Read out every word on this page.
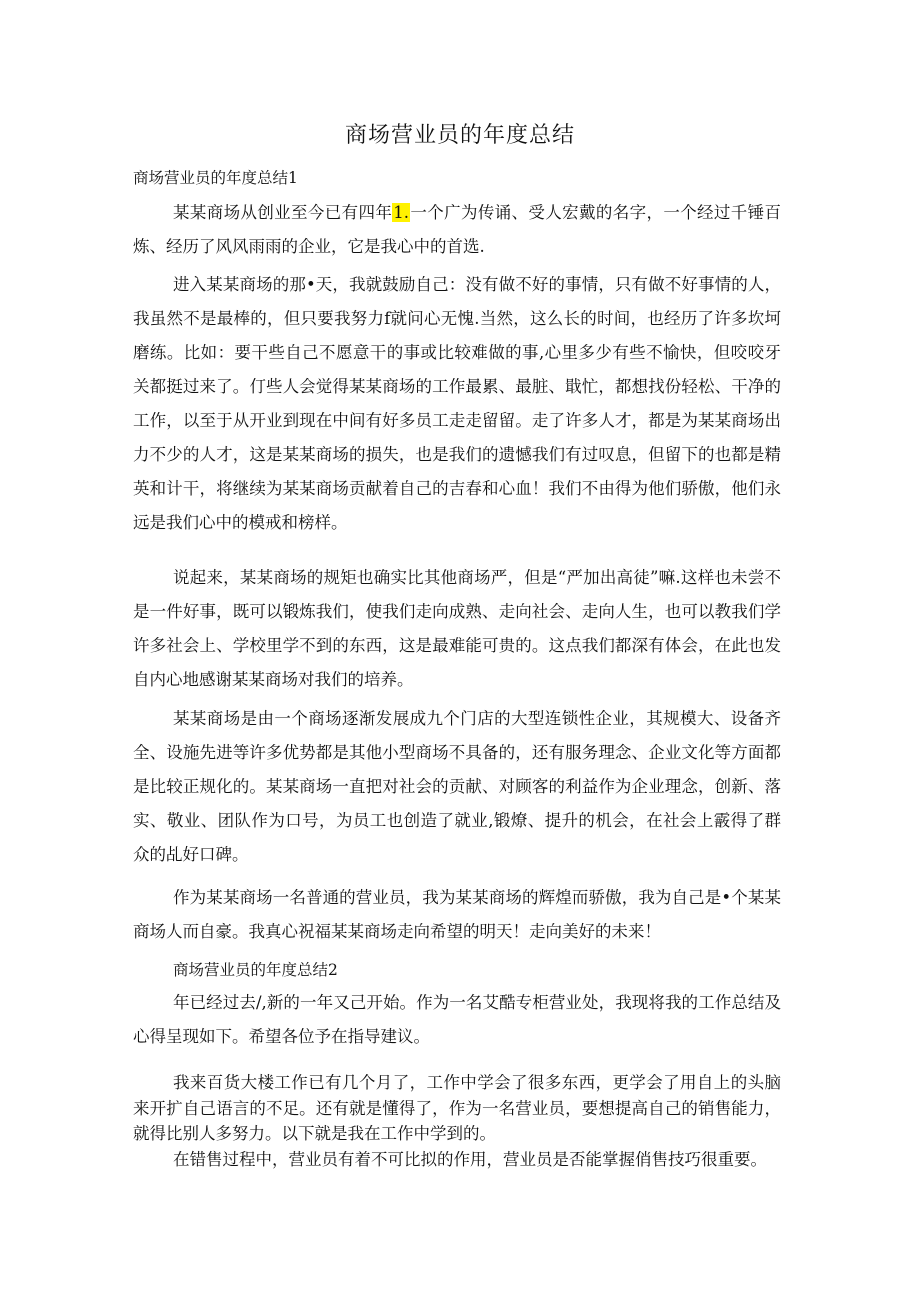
商场营业员的年度总结

商场营业员的年度总结1

某某商场从创业至今已有四年1.一个广为传诵、受人宏戴的名字，一个经过千锤百炼、经历了风风雨雨的企业，它是我心中的首选.

进入某某商场的那•天，我就鼓励自己：没有做不好的事情，只有做不好事情的人，我虽然不是最棒的，但只要我努力f就问心无愧.当然，这么长的时间，也经历了许多坎坷磨练。比如：要干些自己不愿意干的事或比较难做的事,心里多少有些不愉快，但咬咬牙关都挺过来了。仃些人会觉得某某商场的工作最累、最脏、戢忙，都想找份轻松、干净的工作，以至于从开业到现在中间有好多员工走走留留。走了许多人才，都是为某某商场出力不少的人才，这是某某商场的损失，也是我们的遗憾我们有过叹息，但留下的也都是精英和计干，将继续为某某商场贡献着自己的吉春和心血！我们不由得为他们骄傲，他们永远是我们心中的模戒和榜样。

说起来，某某商场的规矩也确实比其他商场严，但是“严加出高徒”嘛.这样也未尝不是一件好事，既可以锻炼我们，使我们走向成熟、走向社会、走向人生，也可以教我们学许多社会上、学校里学不到的东西，这是最难能可贵的。这点我们都深有体会，在此也发自内心地感谢某某商场对我们的培养。

某某商场是由一个商场逐渐发展成九个门店的大型连锁性企业，其规模大、设备齐全、设施先进等许多优势都是其他小型商场不具备的，还有服务理念、企业文化等方面都是比较正规化的。某某商场一直把对社会的贡献、对顾客的利益作为企业理念，创新、落实、敬业、团队作为口号，为员工也创造了就业,锻燎、提升的机会，在社会上霰得了群众的乩好口碑。

作为某某商场一名普通的营业员，我为某某商场的辉煌而骄傲，我为自己是•个某某商场人而自豪。我真心祝福某某商场走向希望的明天！走向美好的未来！

商场营业员的年度总结2

年已经过去/,新的一年又己开始。作为一名艾酷专柜营业处，我现将我的工作总结及心得呈现如下。希望各位予在指导建议。

我来百货大楼工作已有几个月了，工作中学会了很多东西，更学会了用自上的头脑来开扩自己语言的不足。还有就是懂得了，作为一名营业员，要想提高自己的销售能力，就得比别人多努力。以下就是我在工作中学到的。

在错售过程中，营业员有着不可比拟的作用，营业员是否能掌握俏售技巧很重要。
